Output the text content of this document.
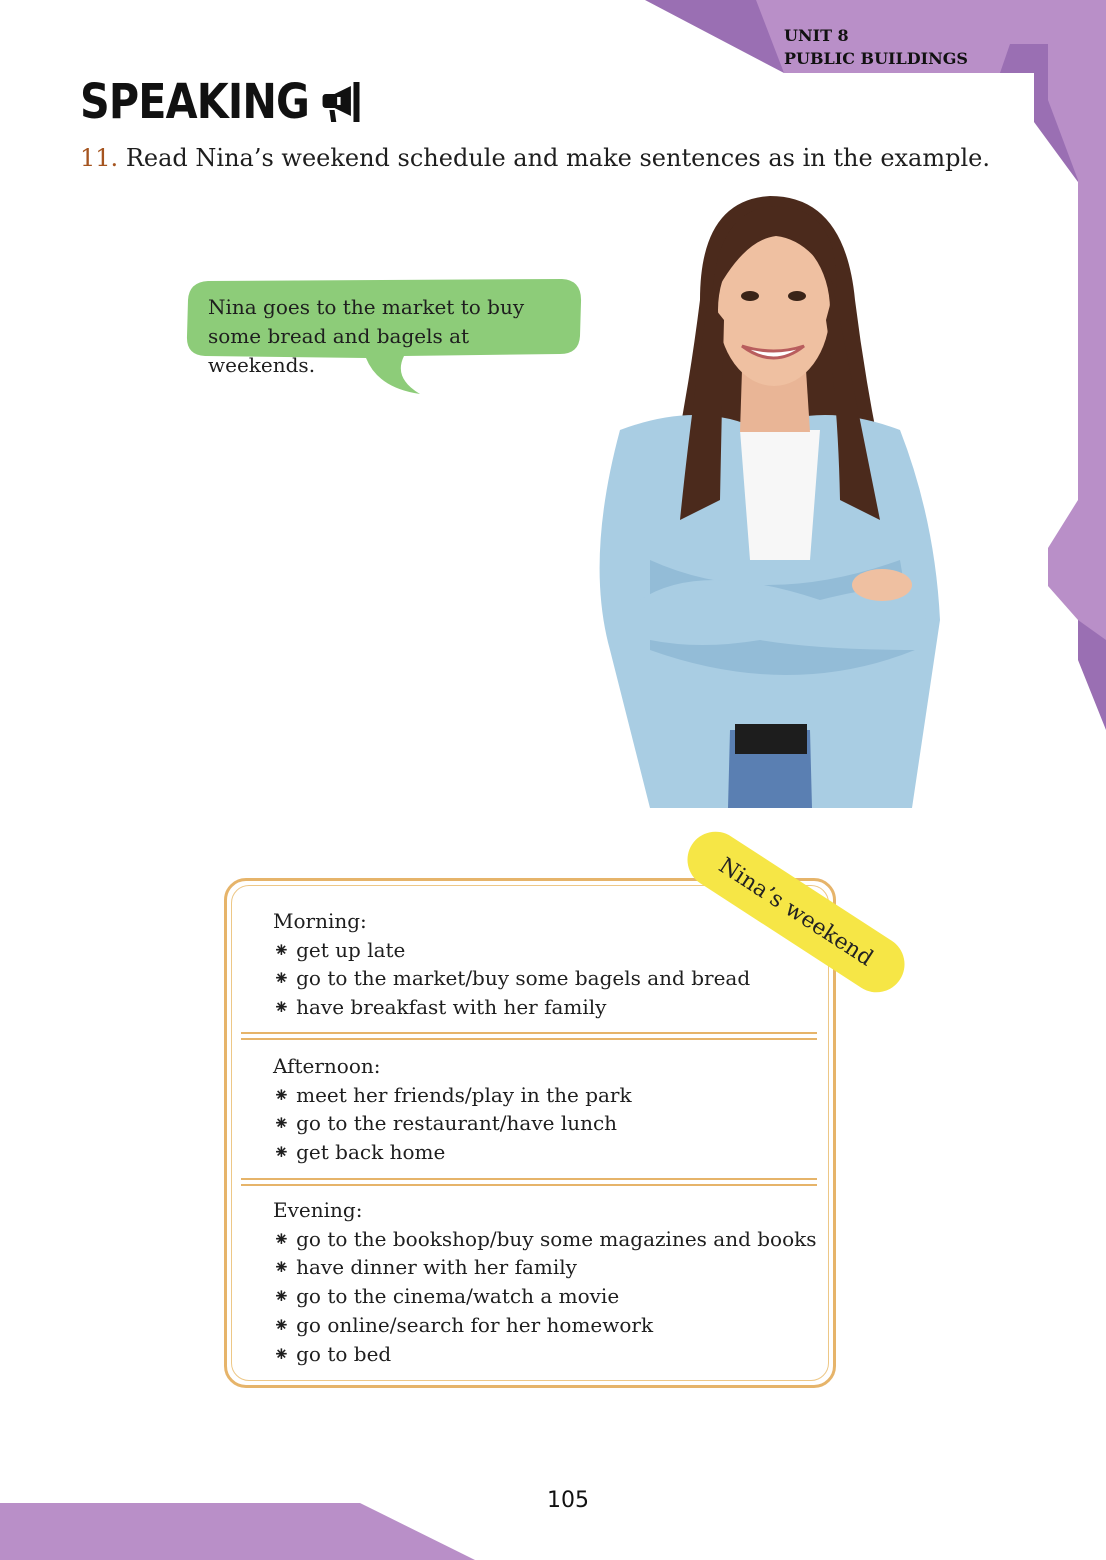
UNIT 8
PUBLIC BUILDINGS
SPEAKING
11. Read Nina’s weekend schedule and make sentences as in the example.
Nina goes to the market to buy some bread and bagels at weekends.
Morning:
⁕ get up late
⁕ go to the market/buy some bagels and bread
⁕ have breakfast with her family
Afternoon:
⁕ meet her friends/play in the park
⁕ go to the restaurant/have lunch
⁕ get back home
Evening:
⁕ go to the bookshop/buy some magazines and books
⁕ have dinner with her family
⁕ go to the cinema/watch a movie
⁕ go online/search for her homework
⁕ go to bed
Nina’s weekend
105
